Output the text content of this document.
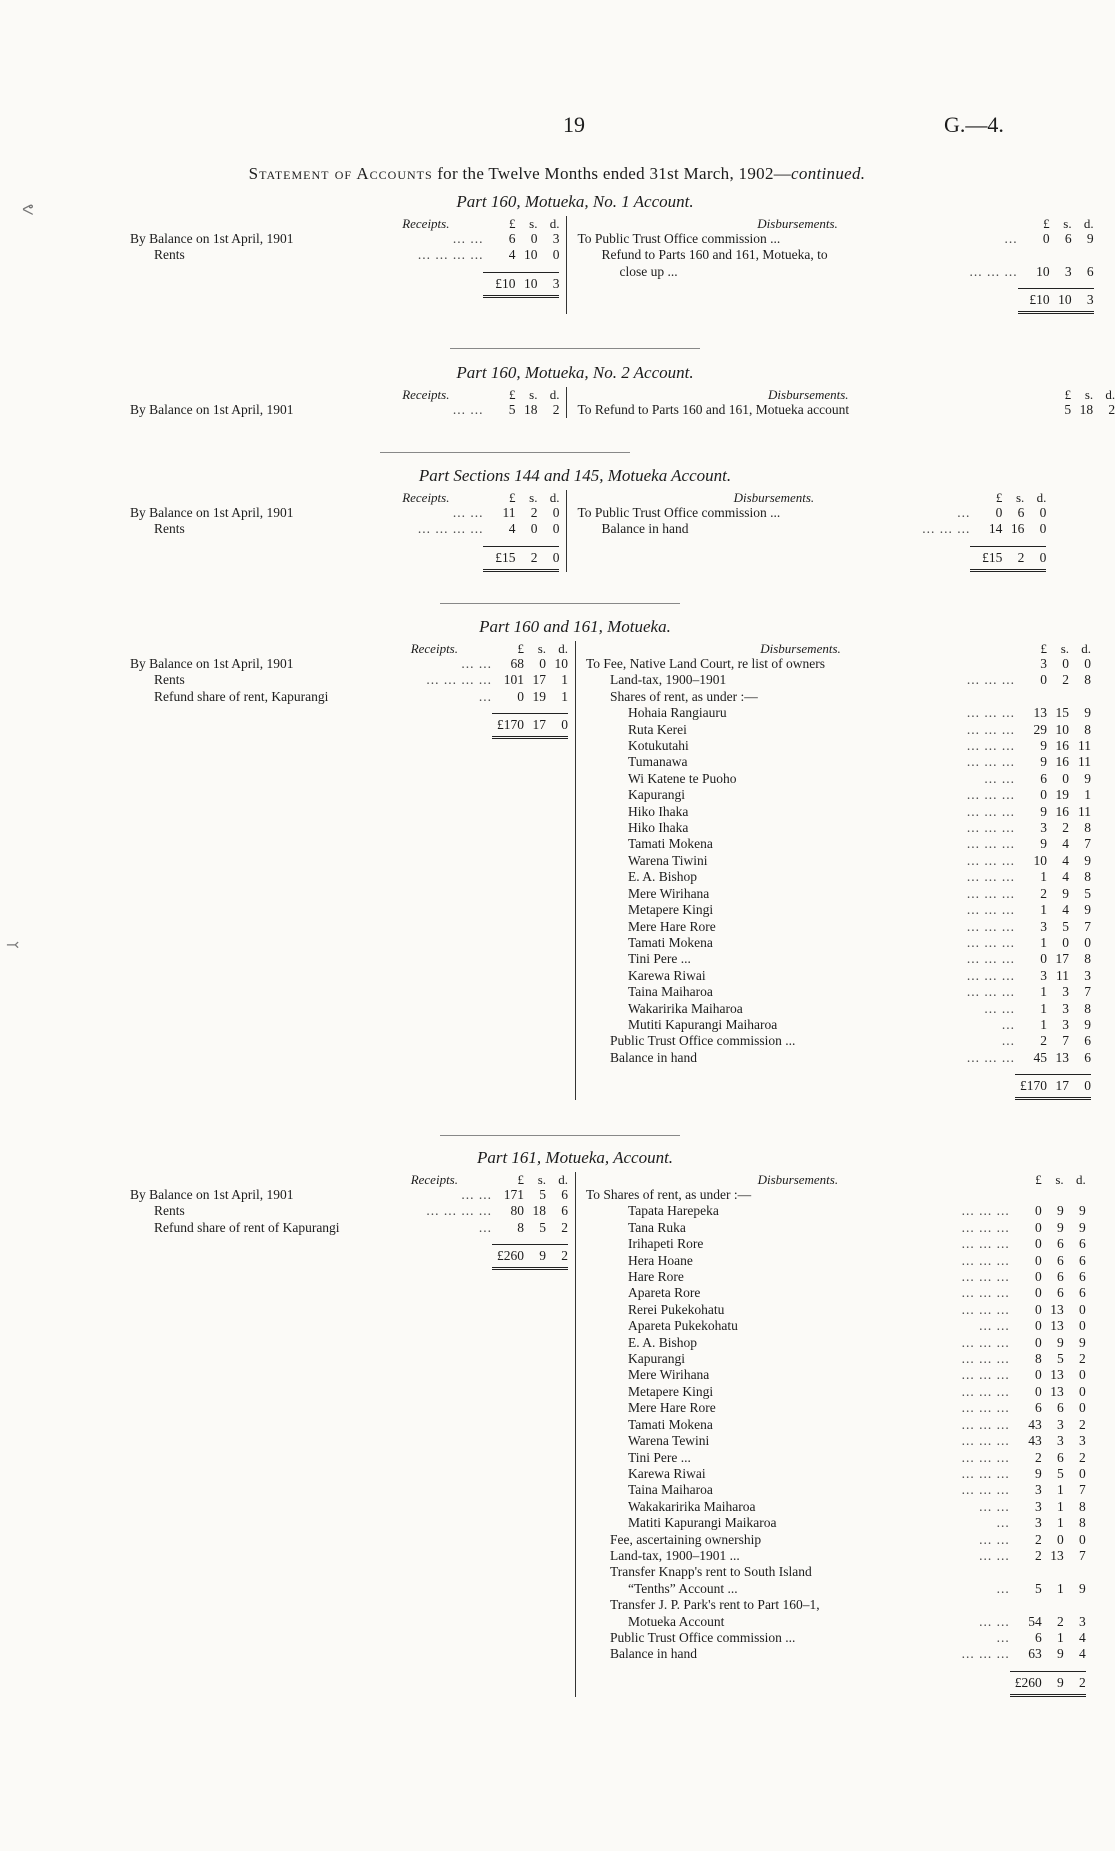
19	G.—4.
Statement of Accounts for the Twelve Months ended 31st March, 1902—continued.
ᕙ
⤙
Part 160, Motueka, No. 1 Account.
Receipts.	£	s. d.
By Balance on 1st April, 1901	... ...	6	0	3
Rents	... ... ... ...	4 10	0
£10 10	3
Disbursements.	£	s. d.
To Public Trust Office commission ...	...	0	6	9
Refund to Parts 160 and 161, Motueka, to
close up ...	... ... ...	10	3	6
£10 10	3
Part 160, Motueka, No. 2 Account.
Receipts.	£	s. d.
By Balance on 1st April, 1901	... ...	5 18	2
Disbursements.	£	s. d.
To Refund to Parts 160 and 161, Motueka account	5 18	2
Part Sections 144 and 145, Motueka Account.
Receipts.	£	s. d.
By Balance on 1st April, 1901	... ...	11	2	0
Rents	... ... ... ...	4	0	0
£15	2	0
Disbursements.	£	s. d.
To Public Trust Office commission ...	...	0	6	0
Balance in hand	... ... ...	14 16	0
£15	2	0
Part 160 and 161, Motueka.
Receipts.	£	s. d.
By Balance on 1st April, 1901	... ...	68	0 10
Rents	... ... ... ... 101 17	1
Refund share of rent, Kapurangi	...	0 19	1
£170 17	0
Disbursements.	£	s. d.
To Fee, Native Land Court, re list of owners	3	0	0
Land-tax, 1900–1901	... ... ...	0	2	8
Shares of rent, as under :—
Hohaia Rangiauru	... ... ...	13 15	9
Ruta Kerei	... ... ...	29 10	8
Kotukutahi	... ... ...	9 16 11
Tumanawa	... ... ...	9 16 11
Wi Katene te Puoho	... ...	6	0	9
Kapurangi	... ... ...	0 19	1
Hiko Ihaka	... ... ...	9 16 11
Hiko Ihaka	... ... ...	3	2	8
Tamati Mokena	... ... ...	9	4	7
Warena Tiwini	... ... ...	10	4	9
E. A. Bishop	... ... ...	1	4	8
Mere Wirihana	... ... ...	2	9	5
Metapere Kingi	... ... ...	1	4	9
Mere Hare Rore	... ... ...	3	5	7
Tamati Mokena	... ... ...	1	0	0
Tini Pere ...	... ... ...	0 17	8
Karewa Riwai	... ... ...	3 11	3
Taina Maiharoa	... ... ...	1	3	7
Wakaririka Maiharoa	... ...	1	3	8
Mutiti Kapurangi Maiharoa	...	1	3	9
Public Trust Office commission ...	...	2	7	6
Balance in hand	... ... ...	45 13	6
£170 17	0
Part 161, Motueka, Account.
Receipts.	£	s. d.
By Balance on 1st April, 1901	... ... 171	5	6
Rents	... ... ... ...	80 18	6
Refund share of rent of Kapurangi	...	8	5	2
£260	9	2
Disbursements.	£	s. d.
To Shares of rent, as under :—
Tapata Harepeka	... ... ...	0	9	9
Tana Ruka	... ... ...	0	9	9
Irihapeti Rore	... ... ...	0	6	6
Hera Hoane	... ... ...	0	6	6
Hare Rore	... ... ...	0	6	6
Apareta Rore	... ... ...	0	6	6
Rerei Pukekohatu	... ... ...	0 13	0
Apareta Pukekohatu	... ...	0 13	0
E. A. Bishop	... ... ...	0	9	9
Kapurangi	... ... ...	8	5	2
Mere Wirihana	... ... ...	0 13	0
Metapere Kingi	... ... ...	0 13	0
Mere Hare Rore	... ... ...	6	6	0
Tamati Mokena	... ... ...	43	3	2
Warena Tewini	... ... ...	43	3	3
Tini Pere ...	... ... ...	2	6	2
Karewa Riwai	... ... ...	9	5	0
Taina Maiharoa	... ... ...	3	1	7
Wakakaririka Maiharoa	... ...	3	1	8
Matiti Kapurangi Maikaroa	...	3	1	8
Fee, ascertaining ownership	... ...	2	0	0
Land-tax, 1900–1901 ...	... ...	2 13	7
Transfer Knapp's rent to South Island
“Tenths” Account ...	...	5	1	9
Transfer J. P. Park's rent to Part 160–1,
Motueka Account	... ...	54	2	3
Public Trust Office commission ...	...	6	1	4
Balance in hand	... ... ...	63	9	4
£260	9	2
